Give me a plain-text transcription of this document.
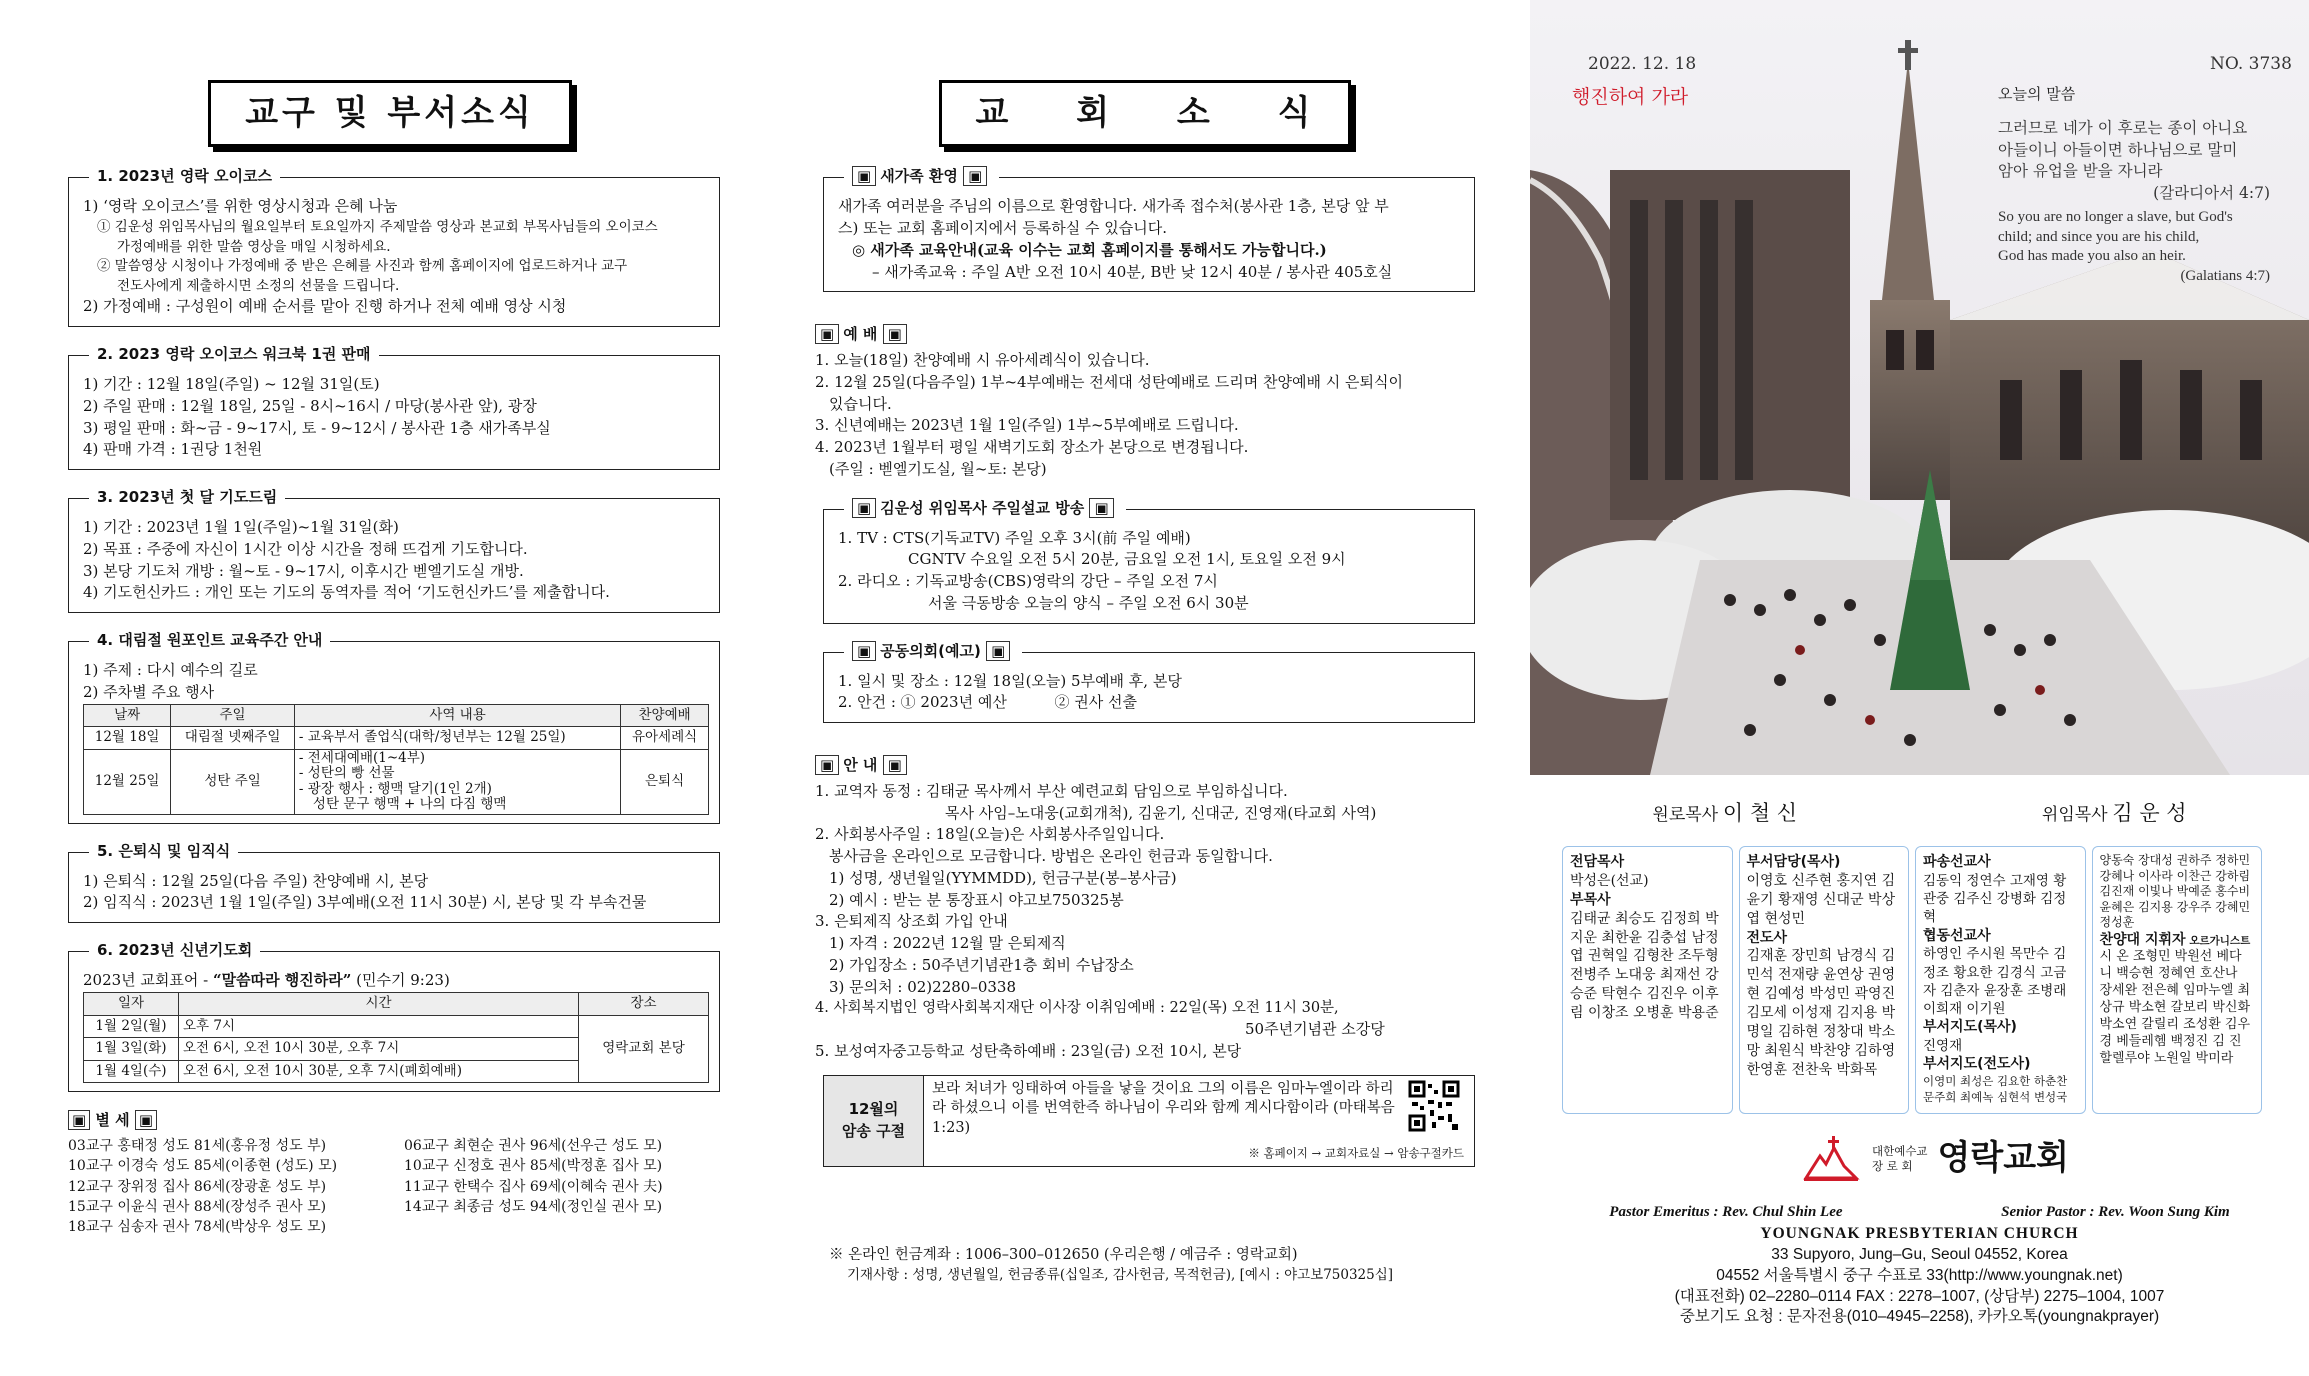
교구 및 부서소식
1. 2023년 영락 오이코스
1) ‘영락 오이코스’를 위한 영상시청과 은혜 나눔
① 김운성 위임목사님의 월요일부터 토요일까지 주제말씀 영상과 본교회 부목사님들의 오이코스
가정예배를 위한 말씀 영상을 매일 시청하세요.
② 말씀영상 시청이나 가정예배 중 받은 은혜를 사진과 함께 홈페이지에 업로드하거나 교구
전도사에게 제출하시면 소정의 선물을 드립니다.
2) 가정예배 : 구성원이 예배 순서를 맡아 진행 하거나 전체 예배 영상 시청
2. 2023 영락 오이코스 워크북 1권 판매
1) 기간 : 12월 18일(주일) ~ 12월 31일(토)
2) 주일 판매 : 12월 18일, 25일 - 8시~16시 / 마당(봉사관 앞), 광장
3) 평일 판매 : 화~금 - 9~17시, 토 - 9~12시 / 봉사관 1층 새가족부실
4) 판매 가격 : 1권당 1천원
3. 2023년 첫 달 기도드림
1) 기간 : 2023년 1월 1일(주일)~1월 31일(화)
2) 목표 : 주중에 자신이 1시간 이상 시간을 정해 뜨겁게 기도합니다.
3) 본당 기도처 개방 : 월~토 - 9~17시, 이후시간 벧엘기도실 개방.
4) 기도헌신카드 : 개인 또는 기도의 동역자를 적어 ‘기도헌신카드’를 제출합니다.
4. 대림절 원포인트 교육주간 안내
1) 주제 : 다시 예수의 길로
2) 주차별 주요 행사
날짜	주일	사역 내용	찬양예배
12월 18일	대림절 넷째주일	- 교육부서 졸업식(대학/청년부는 12월 25일)	유아세례식
12월 25일	성탄 주일	- 전세대예배(1~4부)
- 성탄의 빵 선물
- 광장 행사 : 행맥 달기(1인 2개)
성탄 문구 행맥 + 나의 다짐 행맥	은퇴식
5. 은퇴식 및 임직식
1) 은퇴식 : 12월 25일(다음 주일) 찬양예배 시, 본당
2) 임직식 : 2023년 1월 1일(주일) 3부예배(오전 11시 30분) 시, 본당 및 각 부속건물
6. 2023년 신년기도회
2023년 교회표어 - “말씀따라 행진하라” (민수기 9:23)
일자	시간	장소
1월 2일(월)	오후 7시	영락교회 본당
1월 3일(화)	오전 6시, 오전 10시 30분, 오후 7시	
1월 4일(수)	오전 6시, 오전 10시 30분, 오후 7시(폐회예배)	
▣ 별 세 ▣
03교구 홍태정 성도 81세(홍유정 성도 부)
10교구 이경숙 성도 85세(이종현 (성도) 모)
12교구 장위정 집사 86세(장광훈 성도 부)
15교구 이윤식 권사 88세(장성주 권사 모)
18교구 심송자 권사 78세(박상우 성도 모)
06교구 최현순 권사 96세(선우근 성도 모)
10교구 신정호 권사 85세(박정훈 집사 모)
11교구 한택수 집사 69세(이혜숙 권사 夫)
14교구 최종금 성도 94세(정인실 권사 모)
교 회 소 식
▣ 새가족 환영 ▣
새가족 여러분을 주님의 이름으로 환영합니다. 새가족 접수처(봉사관 1층, 본당 앞 부
스) 또는 교회 홈페이지에서 등록하실 수 있습니다.
◎ 새가족 교육안내(교육 이수는 교회 홈페이지를 통해서도 가능합니다.)
– 새가족교육 : 주일 A반 오전 10시 40분, B반 낮 12시 40분 / 봉사관 405호실
▣ 예 배 ▣
1. 오늘(18일) 찬양예배 시 유아세례식이 있습니다.
2. 12월 25일(다음주일) 1부~4부예배는 전세대 성탄예배로 드리며 찬양예배 시 은퇴식이
있습니다.
3. 신년예배는 2023년 1월 1일(주일) 1부~5부예배로 드립니다.
4. 2023년 1월부터 평일 새벽기도회 장소가 본당으로 변경됩니다.
(주일 : 벧엘기도실, 월~토: 본당)
▣ 김운성 위임목사 주일설교 방송 ▣
1. TV : CTS(기독교TV) 주일 오후 3시(前 주일 예배)
CGNTV 수요일 오전 5시 20분, 금요일 오전 1시, 토요일 오전 9시
2. 라디오 : 기독교방송(CBS)영락의 강단 – 주일 오전 7시
서울 극동방송 오늘의 양식 – 주일 오전 6시 30분
▣ 공동의회(예고) ▣
1. 일시 및 장소 : 12월 18일(오늘) 5부예배 후, 본당
2. 안건 : ① 2023년 예산          ② 권사 선출
▣ 안 내 ▣
1. 교역자 동정 : 김태균 목사께서 부산 예련교회 담임으로 부임하십니다.
목사 사임–노대웅(교회개척), 김윤기, 신대군, 진영재(타교회 사역)
2. 사회봉사주일 : 18일(오늘)은 사회봉사주일입니다.
봉사금을 온라인으로 모금합니다. 방법은 온라인 헌금과 동일합니다.
1) 성명, 생년월일(YYMMDD), 헌금구분(봉–봉사금)
2) 예시 : 받는 분 통장표시 야고보750325봉
3. 은퇴제직 상조회 가입 안내
1) 자격 : 2022년 12월 말 은퇴제직
2) 가입장소 : 50주년기념관1층 회비 수납장소
3) 문의처 : 02)2280–0338
4. 사회복지법인 영락사회복지재단 이사장 이취임예배 : 22일(목) 오전 11시 30분,
50주년기념관 소강당
5. 보성여자중고등학교 성탄축하예배 : 23일(금) 오전 10시, 본당
12월의
암송 구절
보라 처녀가 잉태하여 아들을 낳을 것이요 그의 이름은 임마누엘이라 하리라 하셨으니 이를 번역한즉 하나님이 우리와 함께 계시다함이라 (마태복음 1:23)
※ 홈페이지 → 교회자료실 → 암송구절카드
※ 온라인 헌금계좌 : 1006–300–012650 (우리은행 / 예금주 : 영락교회)
기재사항 : 성명, 생년월일, 헌금종류(십일조, 감사헌금, 목적헌금), [예시 : 야고보750325십]
2022. 12. 18	NO. 3738
행진하여 가라	오늘의 말씀
그러므로 네가 이 후로는 종이 아니요
아들이니 아들이면 하나님으로 말미
암아 유업을 받을 자니라
(갈라디아서 4:7)
So you are no longer a slave, but God's
child; and since you are his child,
God has made you also an heir.
(Galatians 4:7)
원로목사 이 철 신	위임목사 김 운 성
전담목사
박성은(선교)
부목사
김태균 최승도 김정희 박지운 최한윤 김충섭 남정엽 권혁일 김형찬 조두형 전병주 노대웅 최재선 강승준 탁현수 김진우 이후림 이창조 오병훈 박용준
부서담당(목사)
이영호 신주현 홍지연 김윤기 황재영 신대군 박상엽 현성민
전도사
김재훈 장민희 남경식 김민석 전재량 윤연상 권영현 김예성 박성민 곽영진 김모세 이성재 김지용 박명일 김하현 정창대 박소망 최원식 박찬양 김하영 한영훈 전찬욱 박화목
파송선교사
김동익 정연수 고재영 황관중 김주신 강병화 김정혁
협동선교사
하영인 주시원 목만수 김정조 황요한 김경식 고금자 김춘자 윤장훈 조병래 이희재 이기원
부서지도(목사)
진영재
부서지도(전도사)
이영미 최성은 김요한 하춘찬 문주희 최예녹 심현석 변성국
양동숙 장대성 권하주 정하민 강혜나 이사라 이찬근 강하림 김진재 이빛나 박예준 홍수비 윤혜은 김지용 강우주 강혜민 정성훈
찬양대 지휘자 오르가니스트
시 온 조형민 박원선 베다니 백승현 정혜연 호산나 장세완 전은혜 임마누엘 최상규 박소현 갈보리 박신화 박소연 갈릴리 조성환 김우경 베들레헴 백정진 김 진 할렐루야 노원일 박미라
대한예수교
장 로 회 영락교회
Pastor Emeritus : Rev. Chul Shin Lee	Senior Pastor : Rev. Woon Sung Kim
YOUNGNAK PRESBYTERIAN CHURCH
33 Supyoro, Jung–Gu, Seoul 04552, Korea
04552 서울특별시 중구 수표로 33(http://www.youngnak.net)
(대표전화) 02–2280–0114 FAX : 2278–1007, (상담부) 2275–1004, 1007
중보기도 요청 : 문자전용(010–4945–2258), 카카오톡(youngnakprayer)
